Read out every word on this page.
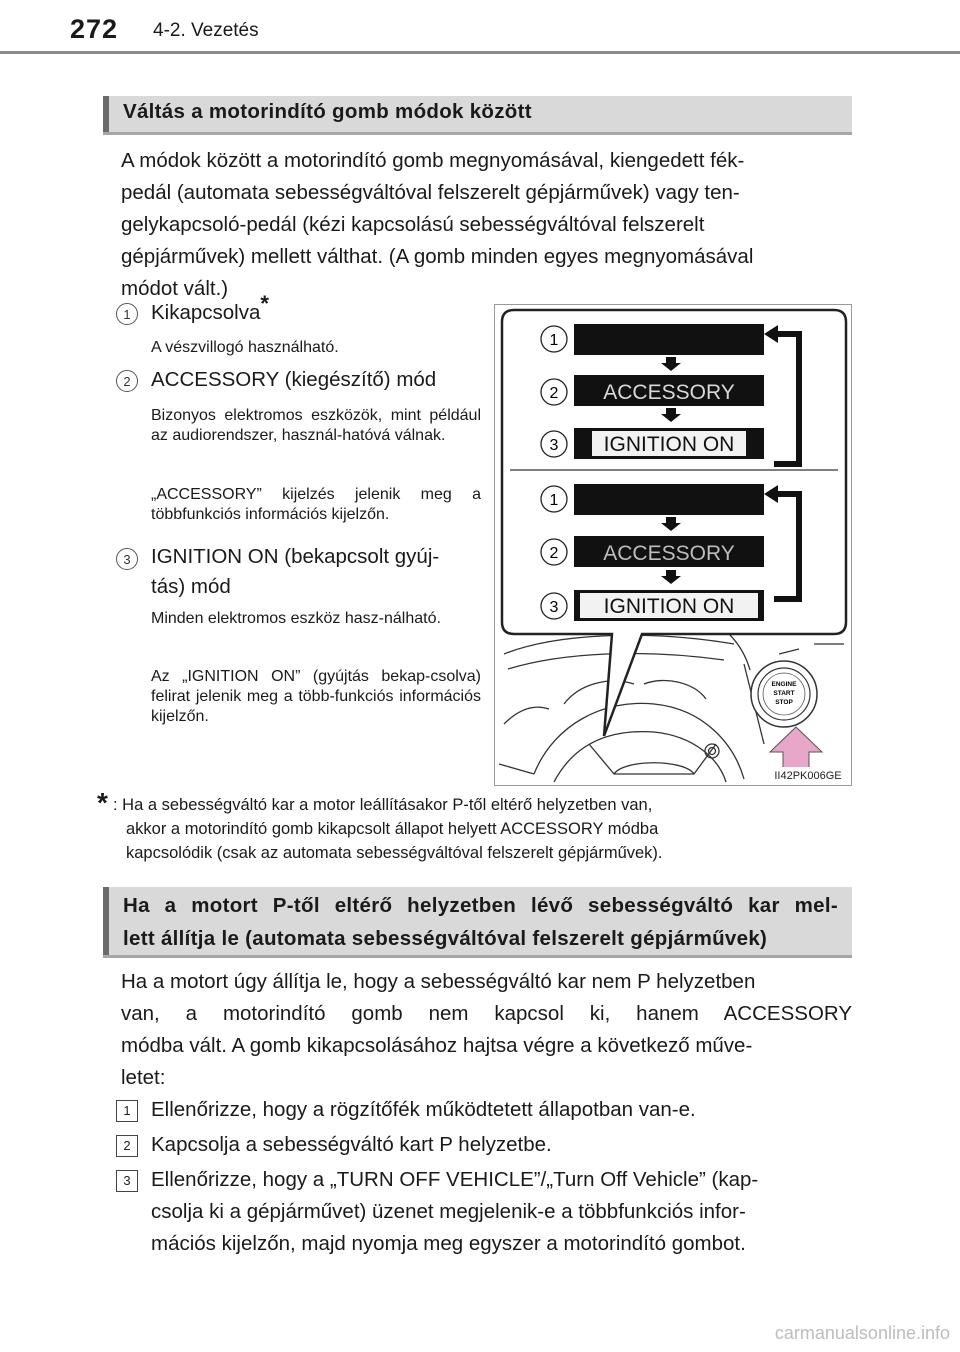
272 4-2. Vezetés
Váltás a motorindító gomb módok között
A módok között a motorindító gomb megnyomásával, kiengedett fék-
pedál (automata sebességváltóval felszerelt gépjárművek) vagy ten-
gelykapcsoló-pedál (kézi kapcsolású sebességváltóval felszerelt
gépjárművek) mellett válthat. (A gomb minden egyes megnyomásával
módot vált.)
1 Kikapcsolva*
A vészvillogó használható.
2 ACCESSORY (kiegészítő) mód
Bizonyos elektromos eszközök, mint például az audiorendszer, használ-hatóvá válnak.
„ACCESSORY” kijelzés jelenik meg a többfunkciós információs kijelzőn.
3 IGNITION ON (bekapcsolt gyúj-
tás) mód
Minden elektromos eszköz hasz-nálható.
Az „IGNITION ON” (gyújtás bekap-csolva) felirat jelenik meg a több-funkciós információs kijelzőn.
ENGINE
START
STOP
1
2 ACCESSORY
3 IGNITION ON
1
2 ACCESSORY
3 IGNITION ON
II42PK006GE
* : Ha a sebességváltó kar a motor leállításakor P-től eltérő helyzetben van,
akkor a motorindító gomb kikapcsolt állapot helyett ACCESSORY módba
kapcsolódik (csak az automata sebességváltóval felszerelt gépjárművek).
Ha a motort P-től eltérő helyzetben lévő sebességváltó kar mel-
lett állítja le (automata sebességváltóval felszerelt gépjárművek)
Ha a motort úgy állítja le, hogy a sebességváltó kar nem P helyzetben
van, a motorindító gomb nem kapcsol ki, hanem ACCESSORY
módba vált. A gomb kikapcsolásához hajtsa végre a következő műve-
letet:
1 Ellenőrizze, hogy a rögzítőfék működtetett állapotban van-e.
2 Kapcsolja a sebességváltó kart P helyzetbe.
3 Ellenőrizze, hogy a „TURN OFF VEHICLE”/„Turn Off Vehicle” (kap-
csolja ki a gépjárművet) üzenet megjelenik-e a többfunkciós infor-
mációs kijelzőn, majd nyomja meg egyszer a motorindító gombot.
carmanualsonline.info
